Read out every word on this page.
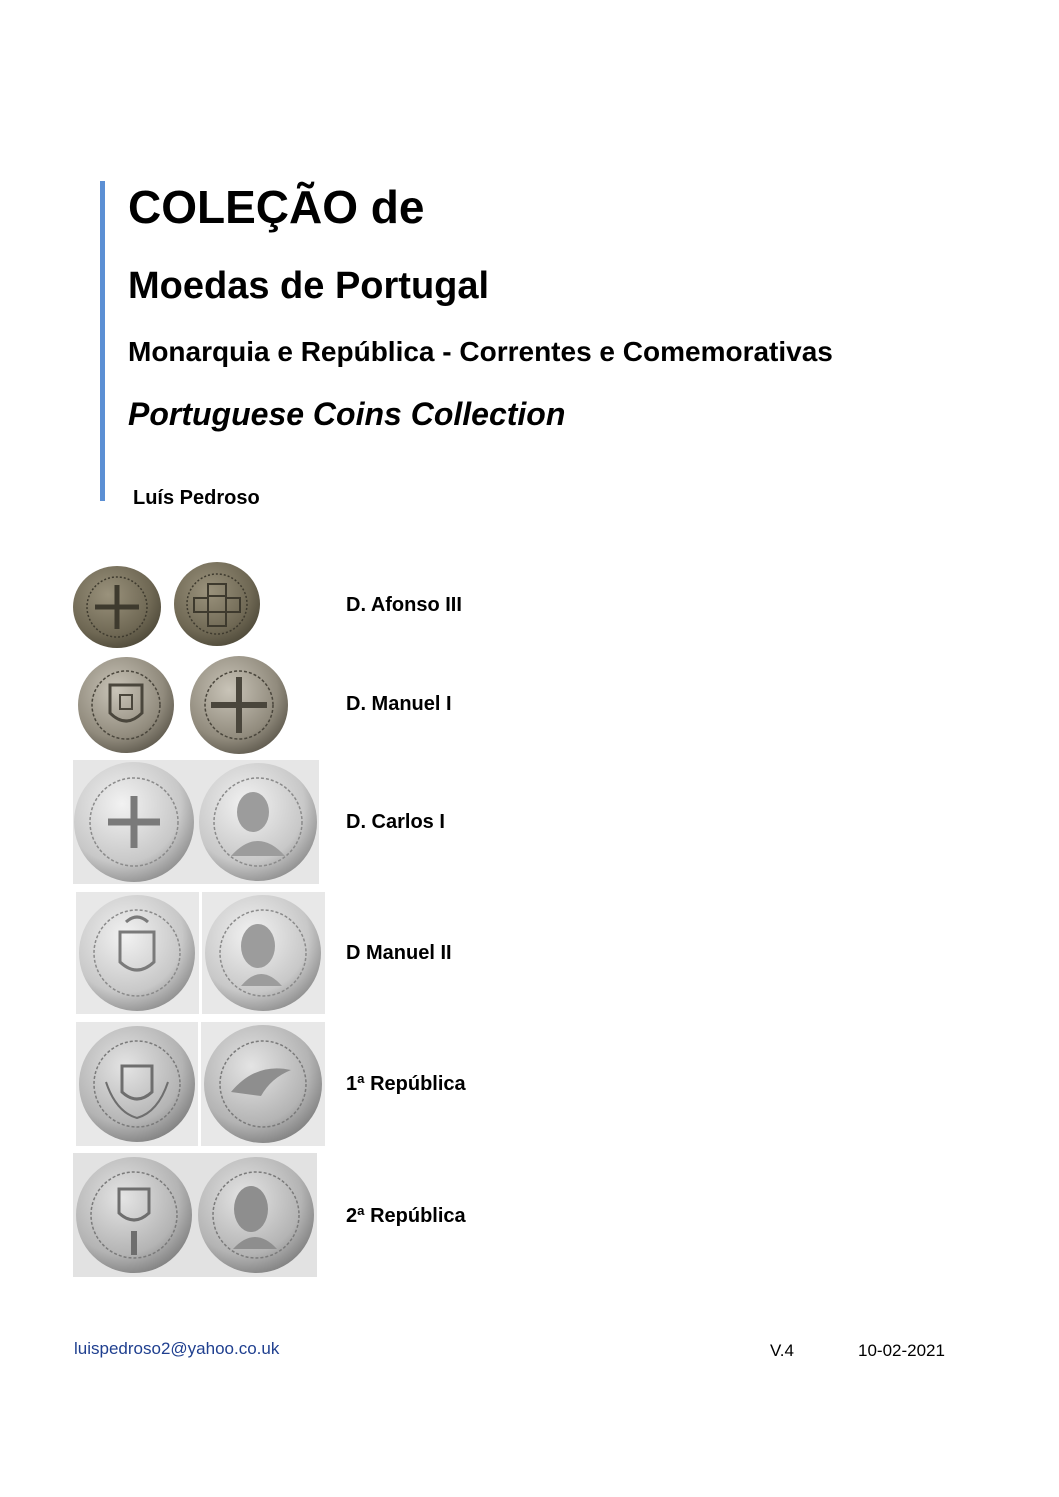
COLEÇÃO de
Moedas de Portugal
Monarquia e República - Correntes e Comemorativas
Portuguese Coins Collection
Luís Pedroso
D. Afonso III
D. Manuel I
D. Carlos I
D Manuel II
1ª República
2ª República
luispedroso2@yahoo.co.uk	V.4	10-02-2021
